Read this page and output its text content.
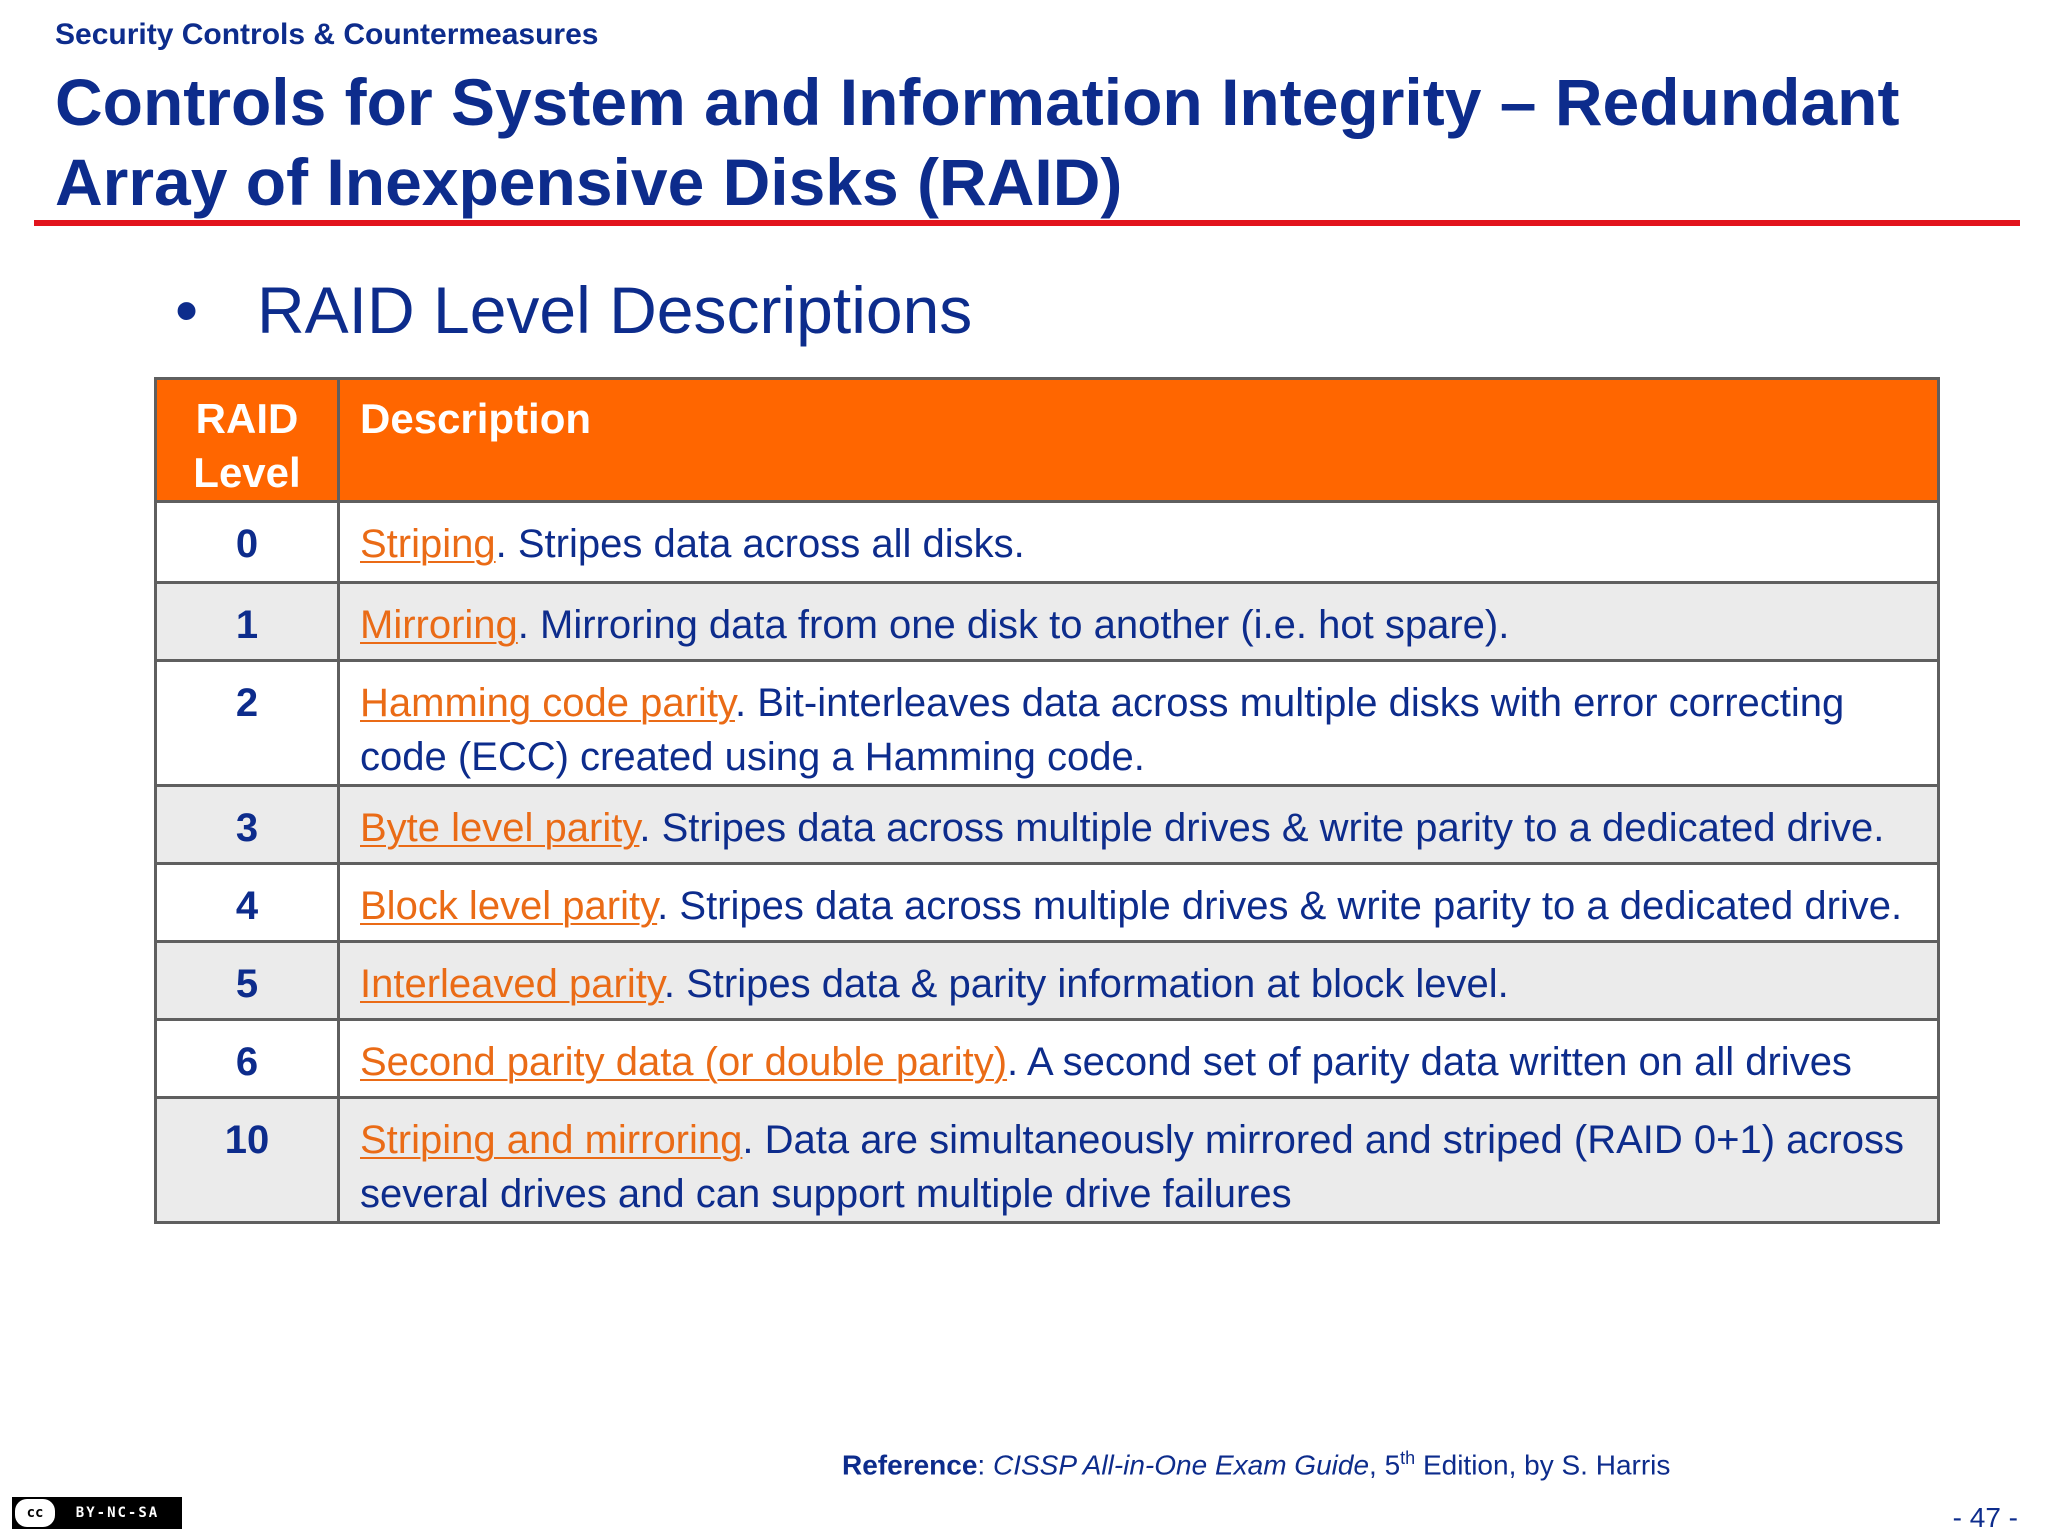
Security Controls & Countermeasures
Controls for System and Information Integrity – Redundant Array of Inexpensive Disks (RAID)
• RAID Level Descriptions
RAID Level	Description
0	Striping. Stripes data across all disks.
1	Mirroring. Mirroring data from one disk to another (i.e. hot spare).
2	Hamming code parity. Bit-interleaves data across multiple disks with error correcting code (ECC) created using a Hamming code.
3	Byte level parity. Stripes data across multiple drives & write parity to a dedicated drive.
4	Block level parity. Stripes data across multiple drives & write parity to a dedicated drive.
5	Interleaved parity. Stripes data & parity information at block level.
6	Second parity data (or double parity). A second set of parity data written on all drives
10	Striping and mirroring. Data are simultaneously mirrored and striped (RAID 0+1) across several drives and can support multiple drive failures
Reference: CISSP All-in-One Exam Guide, 5th Edition, by S. Harris
cc	BY-NC-SA	- 47 -
